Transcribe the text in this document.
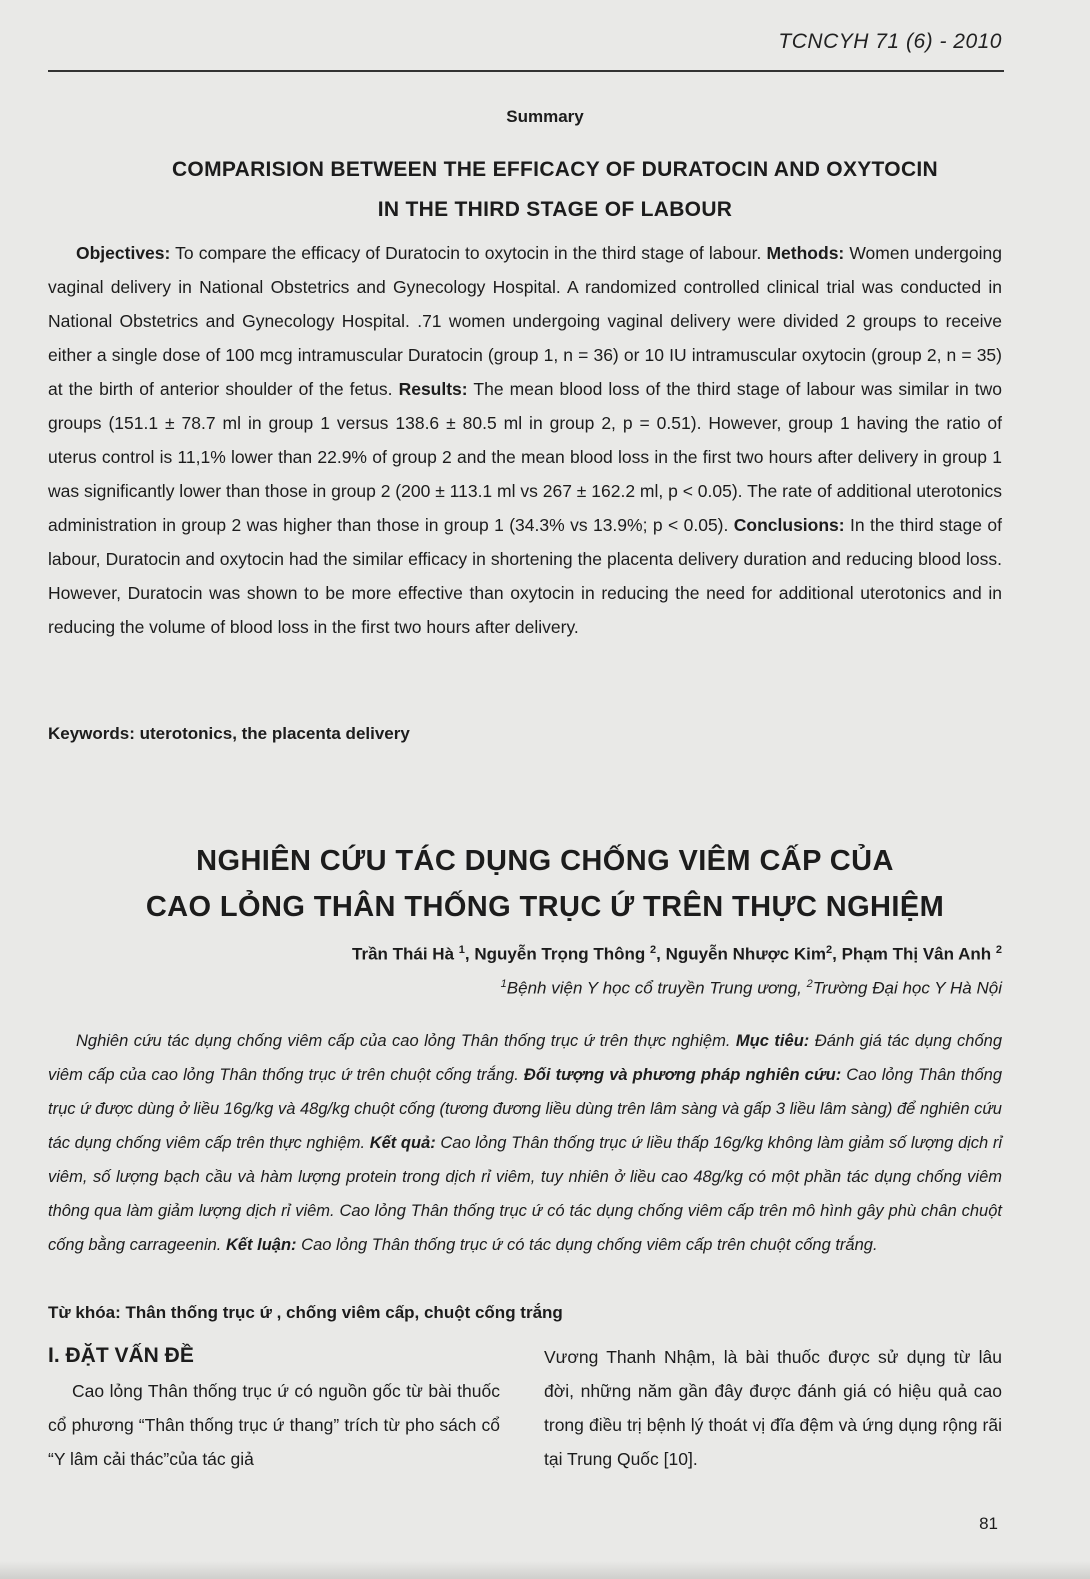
TCNCYH 71 (6) - 2010
Summary
COMPARISION BETWEEN THE EFFICACY OF DURATOCIN AND OXYTOCIN
IN THE THIRD STAGE OF LABOUR

Objectives: To compare the efficacy of Duratocin to oxytocin in the third stage of labour. Methods: Women undergoing vaginal delivery in National Obstetrics and Gynecology Hospital. A randomized controlled clinical trial was conducted in National Obstetrics and Gynecology Hospital. .71 women undergoing vaginal delivery were divided 2 groups to receive either a single dose of 100 mcg intramuscular Duratocin (group 1, n = 36) or 10 IU intramuscular oxytocin (group 2, n = 35) at the birth of anterior shoulder of the fetus. Results: The mean blood loss of the third stage of labour was similar in two groups (151.1 ± 78.7 ml in group 1 versus 138.6 ± 80.5 ml in group 2, p = 0.51). However, group 1 having the ratio of uterus control is 11,1% lower than 22.9% of group 2 and the mean blood loss in the first two hours after delivery in group 1 was significantly lower than those in group 2 (200 ± 113.1 ml vs 267 ± 162.2 ml, p < 0.05). The rate of additional uterotonics administration in group 2 was higher than those in group 1 (34.3% vs 13.9%; p < 0.05). Conclusions: In the third stage of labour, Duratocin and oxytocin had the similar efficacy in shortening the placenta delivery duration and reducing blood loss. However, Duratocin was shown to be more effective than oxytocin in reducing the need for additional uterotonics and in reducing the volume of blood loss in the first two hours after delivery.

Keywords: uterotonics, the placenta delivery
NGHIÊN CỨU TÁC DỤNG CHỐNG VIÊM CẤP CỦA
CAO LỎNG THÂN THỐNG TRỤC Ứ TRÊN THỰC NGHIỆM
Trần Thái Hà $^1$, Nguyễn Trọng Thông $^2$, Nguyễn Nhược Kim$^2$, Phạm Thị Vân Anh $^2$
$^1$Bệnh viện Y học cổ truyền Trung ương, $^2$Trường Đại học Y Hà Nội

Nghiên cứu tác dụng chống viêm cấp của cao lỏng Thân thống trục ứ trên thực nghiệm. Mục tiêu: Đánh giá tác dụng chống viêm cấp của cao lỏng Thân thống trục ứ trên chuột cống trắng. Đối tượng và phương pháp nghiên cứu: Cao lỏng Thân thống trục ứ được dùng ở liều 16g/kg và 48g/kg chuột cống (tương đương liều dùng trên lâm sàng và gấp 3 liều lâm sàng) để nghiên cứu tác dụng chống viêm cấp trên thực nghiệm. Kết quả: Cao lỏng Thân thống trục ứ liều thấp 16g/kg không làm giảm số lượng dịch rỉ viêm, số lượng bạch cầu và hàm lượng protein trong dịch rỉ viêm, tuy nhiên ở liều cao 48g/kg có một phần tác dụng chống viêm thông qua làm giảm lượng dịch rỉ viêm. Cao lỏng Thân thống trục ứ có tác dụng chống viêm cấp trên mô hình gây phù chân chuột cống bằng carrageenin. Kết luận: Cao lỏng Thân thống trục ứ có tác dụng chống viêm cấp trên chuột cống trắng.

Từ khóa: Thân thống trục ứ , chống viêm cấp, chuột cống trắng
I. ĐẶT VẤN ĐỀ

Cao lỏng Thân thống trục ứ có nguồn gốc từ bài thuốc cổ phương “Thân thống trục ứ thang” trích từ pho sách cổ “Y lâm cải thác”của tác giả

Vương Thanh Nhậm, là bài thuốc được sử dụng từ lâu đời, những năm gần đây được đánh giá có hiệu quả cao trong điều trị bệnh lý thoát vị đĩa đệm và ứng dụng rộng rãi tại Trung Quốc [10].

81
